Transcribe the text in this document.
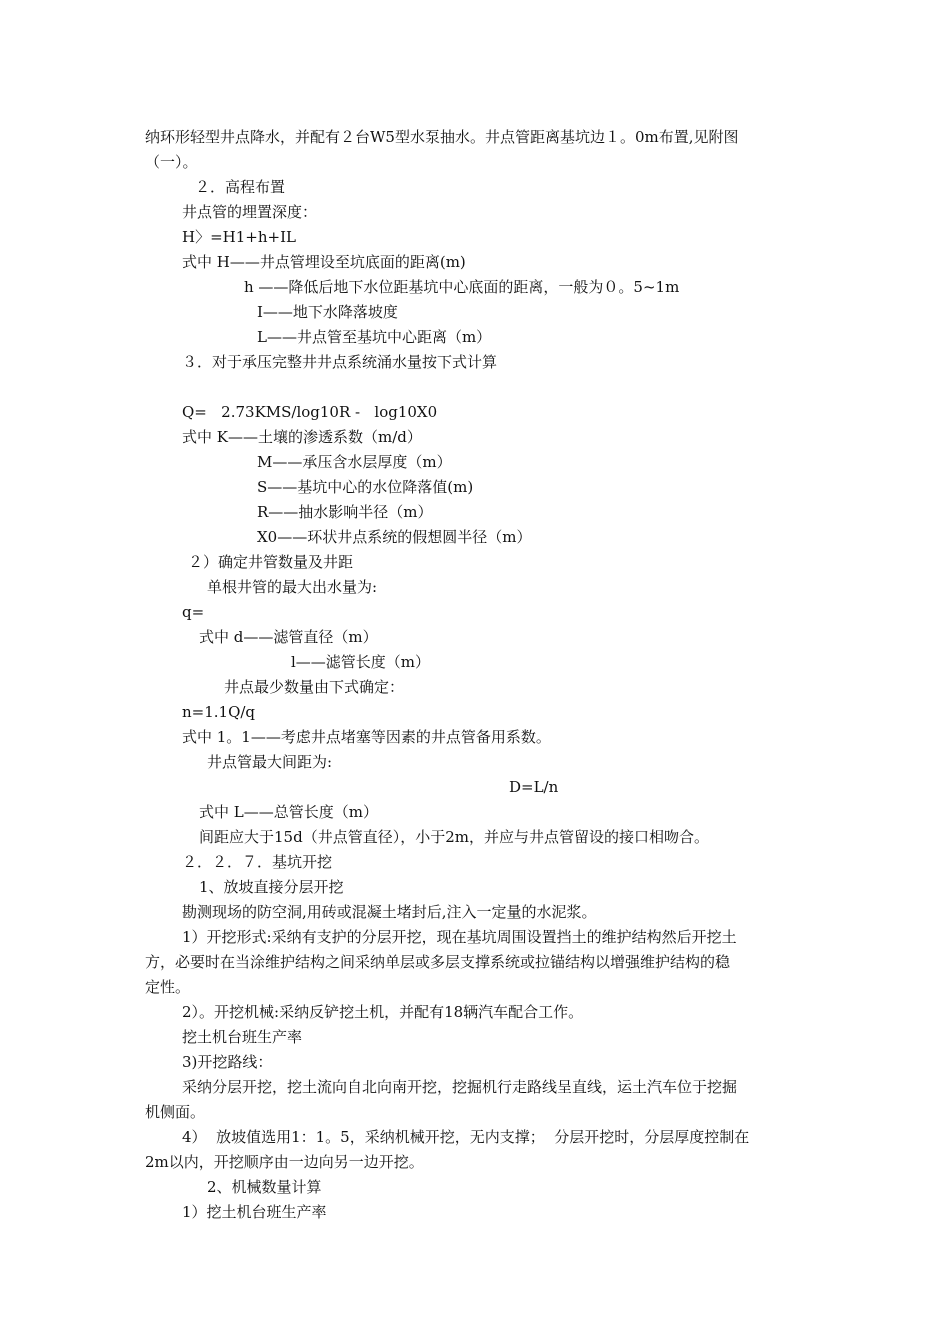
纳环形轻型井点降水，并配有２台W5型水泵抽水。井点管距离基坑边１。0m布置,见附图
（一）。
２．高程布置
井点管的埋置深度：
H〉=H1+h+IL
式中 H——井点管埋设至坑底面的距离(m)
h ——降低后地下水位距基坑中心底面的距离，一般为０。5~1m
I——地下水降落坡度
L——井点管至基坑中心距离（m）
３．对于承压完整井井点系统涌水量按下式计算
Q=   2.73KMS/log10R -   log10X0
式中 K——土壤的渗透系数（m/d）
M——承压含水层厚度（m）
S——基坑中心的水位降落值(m)
R——抽水影响半径（m）
X0——环状井点系统的假想圆半径（m）
２）确定井管数量及井距
单根井管的最大出水量为:
q=
式中 d——滤管直径（m）
l——滤管长度（m）
井点最少数量由下式确定：
n=1.1Q/q
式中 1。1——考虑井点堵塞等因素的井点管备用系数。
井点管最大间距为:
D=L/n
式中 L——总管长度（m）
间距应大于15d（井点管直径），小于2m，并应与井点管留设的接口相吻合。
２．２．７．基坑开挖
1、放坡直接分层开挖
勘测现场的防空洞,用砖或混凝土堵封后,注入一定量的水泥浆。
1）开挖形式:采纳有支护的分层开挖，现在基坑周围设置挡土的维护结构然后开挖土
方，必要时在当涂维护结构之间采纳单层或多层支撑系统或拉锚结构以增强维护结构的稳
定性。
2）。开挖机械:采纳反铲挖土机，并配有18辆汽车配合工作。
挖土机台班生产率
3)开挖路线：
采纳分层开挖，挖土流向自北向南开挖，挖掘机行走路线呈直线，运土汽车位于挖掘
机侧面。
4）  放坡值选用1：1。5，采纳机械开挖，无内支撑；  分层开挖时，分层厚度控制在
2m以内，开挖顺序由一边向另一边开挖。
2、机械数量计算
1）挖土机台班生产率
